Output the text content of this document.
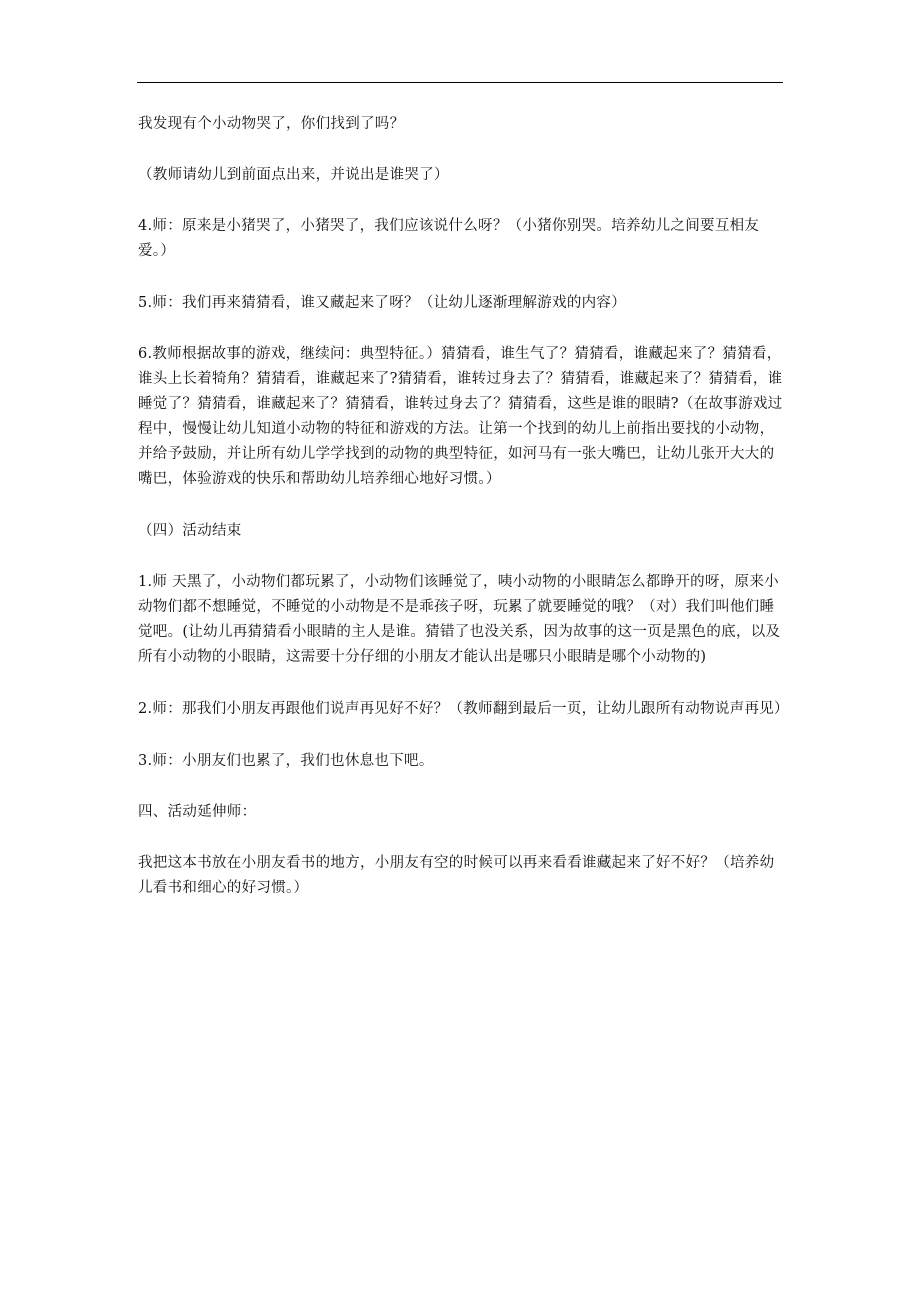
我发现有个小动物哭了，你们找到了吗？

（教师请幼儿到前面点出来，并说出是谁哭了）

4.师：原来是小猪哭了，小猪哭了，我们应该说什么呀？（小猪你别哭。培养幼儿之间要互相友爱。）

5.师：我们再来猜猜看，谁又藏起来了呀？（让幼儿逐渐理解游戏的内容）

6.教师根据故事的游戏，继续问：典型特征。）猜猜看，谁生气了？猜猜看，谁藏起来了？猜猜看，谁头上长着犄角？猜猜看，谁藏起来了?猜猜看，谁转过身去了？猜猜看，谁藏起来了？猜猜看，谁睡觉了？猜猜看，谁藏起来了？猜猜看，谁转过身去了？猜猜看，这些是谁的眼睛?（在故事游戏过程中，慢慢让幼儿知道小动物的特征和游戏的方法。让第一个找到的幼儿上前指出要找的小动物，并给予鼓励，并让所有幼儿学学找到的动物的典型特征，如河马有一张大嘴巴，让幼儿张开大大的嘴巴，体验游戏的快乐和帮助幼儿培养细心地好习惯。）

（四）活动结束

1.师 天黑了，小动物们都玩累了，小动物们该睡觉了，咦小动物的小眼睛怎么都睁开的呀，原来小动物们都不想睡觉，不睡觉的小动物是不是乖孩子呀，玩累了就要睡觉的哦？（对）我们叫他们睡觉吧。(让幼儿再猜猜看小眼睛的主人是谁。猜错了也没关系，因为故事的这一页是黑色的底，以及所有小动物的小眼睛，这需要十分仔细的小朋友才能认出是哪只小眼睛是哪个小动物的)

2.师：那我们小朋友再跟他们说声再见好不好？（教师翻到最后一页，让幼儿跟所有动物说声再见）

3.师：小朋友们也累了，我们也休息也下吧。

四、活动延伸师：

我把这本书放在小朋友看书的地方，小朋友有空的时候可以再来看看谁藏起来了好不好？（培养幼儿看书和细心的好习惯。）
